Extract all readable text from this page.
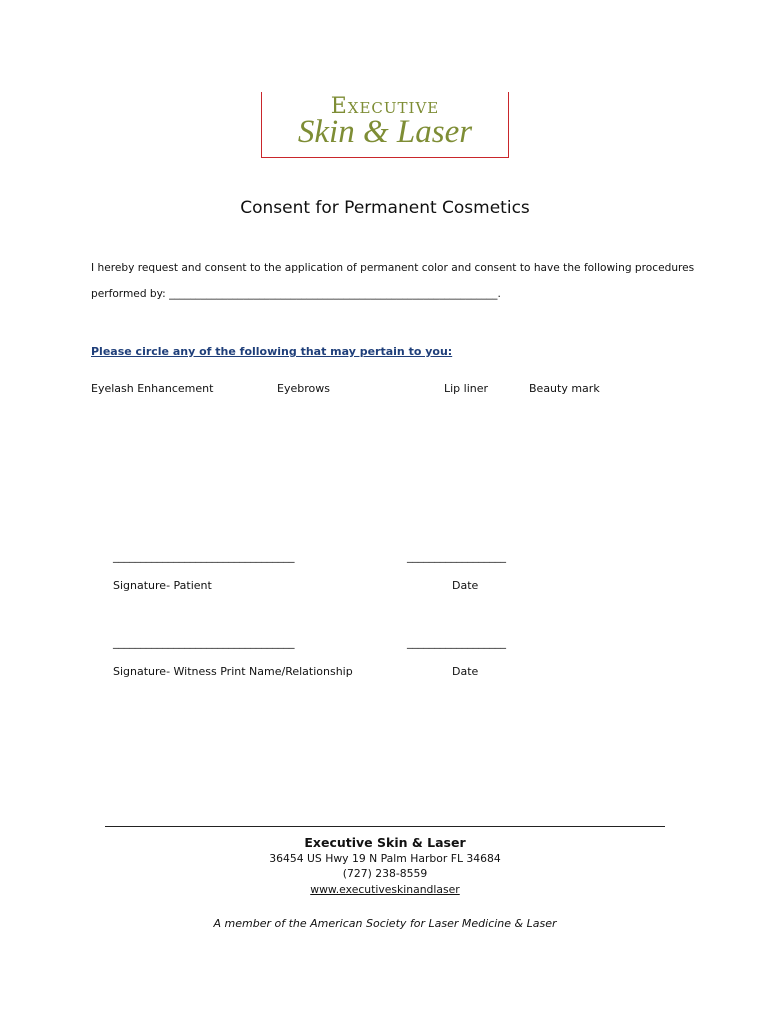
Executive
Skin & Laser
Consent for Permanent Cosmetics
I hereby request and consent to the application of permanent color and consent to have the following procedures
performed by: ______________________________________________________________.
Please circle any of the following that may pertain to you:
Eyelash Enhancement	Eyebrows	Lip liner	Beauty mark
_________________________________	__________________
Signature- Patient	Date
_________________________________	__________________
Signature- Witness Print Name/Relationship	Date
Executive Skin & Laser
36454 US Hwy 19 N Palm Harbor FL 34684
(727) 238-8559
www.executiveskinandlaser
A member of the American Society for Laser Medicine & Laser
